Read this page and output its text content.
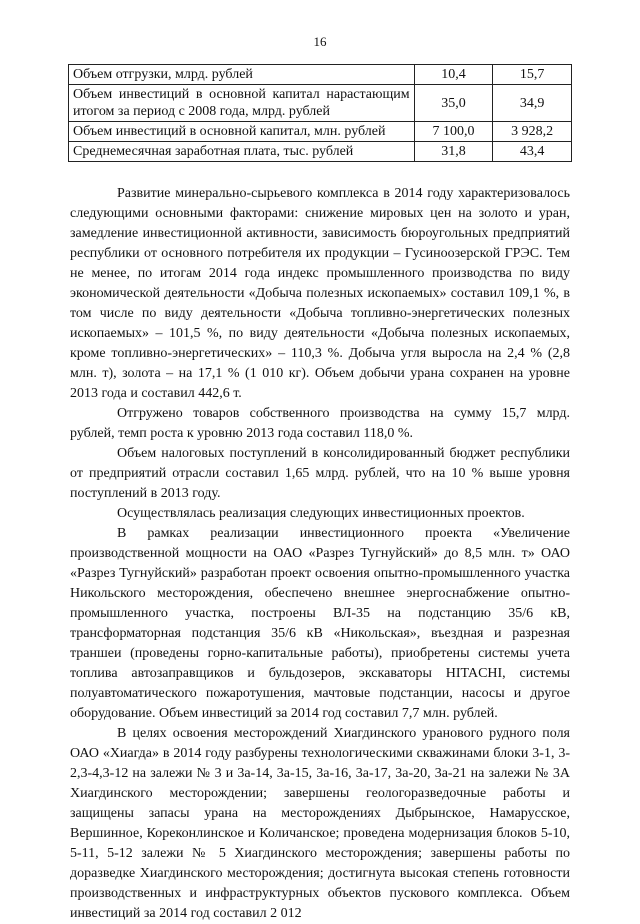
16
Объем отгрузки, млрд. рублей	10,4	15,7
Объем инвестиций в основной капитал нарастающим итогом за период с 2008 года, млрд. рублей	35,0	34,9
Объем инвестиций в основной капитал, млн. рублей	7 100,0	3 928,2
Среднемесячная заработная плата, тыс. рублей	31,8	43,4

Развитие минерально-сырьевого комплекса в 2014 году характеризовалось следующими основными факторами: снижение мировых цен на золото и уран, замедление инвестиционной активности, зависимость бюроугольных предприятий республики от основного потребителя их продукции – Гусиноозерской ГРЭС. Тем не менее, по итогам 2014 года индекс промышленного производства по виду экономической деятельности «Добыча полезных ископаемых» составил 109,1 %, в том числе по виду деятельности «Добыча топливно-энергетических полезных ископаемых» – 101,5 %, по виду деятельности «Добыча полезных ископаемых, кроме топливно-энергетических» – 110,3 %. Добыча угля выросла на 2,4 % (2,8 млн. т), золота – на 17,1 % (1 010 кг). Объем добычи урана сохранен на уровне 2013 года и составил 442,6 т.

Отгружено товаров собственного производства на сумму 15,7 млрд. рублей, темп роста к уровню 2013 года составил 118,0 %.

Объем налоговых поступлений в консолидированный бюджет республики от предприятий отрасли составил 1,65 млрд. рублей, что на 10 % выше уровня поступлений в 2013 году.

Осуществлялась реализация следующих инвестиционных проектов.

В рамках реализации инвестиционного проекта «Увеличение производственной мощности на ОАО «Разрез Тугнуйский» до 8,5 млн. т» ОАО «Разрез Тугнуйский» разработан проект освоения опытно-промышленного участка Никольского месторождения, обеспечено внешнее энергоснабжение опытно-промышленного участка, построены ВЛ-35 на подстанцию 35/6 кВ, трансформаторная подстанция 35/6 кВ «Никольская», въездная и разрезная траншеи (проведены горно-капитальные работы), приобретены системы учета топлива автозаправщиков и бульдозеров, экскаваторы HITACHI, системы полуавтоматического пожаротушения, мачтовые подстанции, насосы и другое оборудование. Объем инвестиций за 2014 год составил 7,7 млн. рублей.

В целях освоения месторождений Хиагдинского уранового рудного поля ОАО «Хиагда» в 2014 году разбурены технологическими скважинами блоки 3-1, 3-2,3-4,3-12 на залежи № 3 и 3а-14, 3а-15, 3а-16, 3а-17, 3а-20, 3а-21 на залежи № 3А Хиагдинского месторождении; завершены геологоразведочные работы и защищены запасы урана на месторождениях Дыбрынское, Намарусское, Вершинное, Кореконлинское и Количанское; проведена модернизация блоков 5-10, 5-11, 5-12 залежи № 5 Хиагдинского месторождения; завершены работы по доразведке Хиагдинского месторождения; достигнута высокая степень готовности производственных и инфраструктурных объектов пускового комплекса. Объем инвестиций за 2014 год составил 2 012
